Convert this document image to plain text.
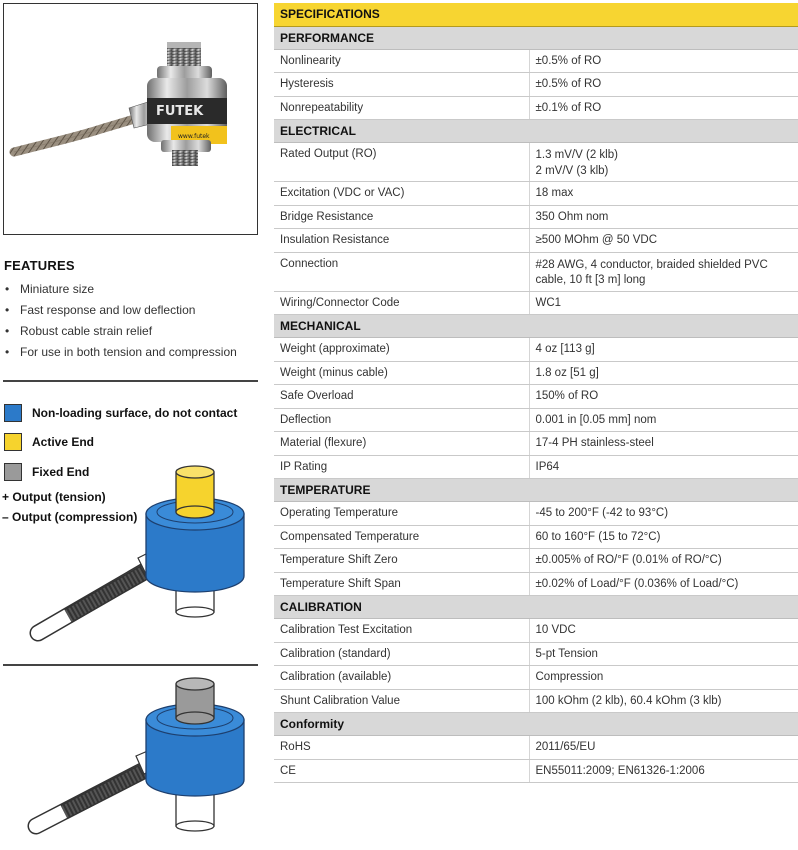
FUTEK
www.futek
FEATURES
• Miniature size
• Fast response and low deflection
• Robust cable strain relief
• For use in both tension and compression
Non-loading surface, do not contact
Active End
Fixed End
+ Output (tension)
– Output (compression)
SPECIFICATIONS	
PERFORMANCE	
Nonlinearity	±0.5% of RO
Hysteresis	±0.5% of RO
Nonrepeatability	±0.1% of RO
ELECTRICAL	
Rated Output (RO)	1.3 mV/V (2 klb)
2 mV/V (3 klb)

Excitation (VDC or VAC)	18 max
Bridge Resistance	350 Ohm nom
Insulation Resistance	≥500 MOhm @ 50 VDC
Connection	#28 AWG, 4 conductor, braided shielded PVC
cable, 10 ft [3 m] long

Wiring/Connector Code	WC1
MECHANICAL	
Weight (approximate)	4 oz [113 g]
Weight (minus cable)	1.8 oz [51 g]
Safe Overload	150% of RO
Deflection	0.001 in [0.05 mm] nom
Material (flexure)	17-4 PH stainless-steel
IP Rating	IP64
TEMPERATURE	
Operating Temperature	-45 to 200°F (-42 to 93°C)
Compensated Temperature	60 to 160°F (15 to 72°C)
Temperature Shift Zero	±0.005% of RO/°F (0.01% of RO/°C)
Temperature Shift Span	±0.02% of Load/°F (0.036% of Load/°C)
CALIBRATION	
Calibration Test Excitation	10 VDC
Calibration (standard)	5-pt Tension
Calibration (available)	Compression
Shunt Calibration Value	100 kOhm (2 klb), 60.4 kOhm (3 klb)
Conformity	
RoHS	2011/65/EU
CE	EN55011:2009; EN61326-1:2006
